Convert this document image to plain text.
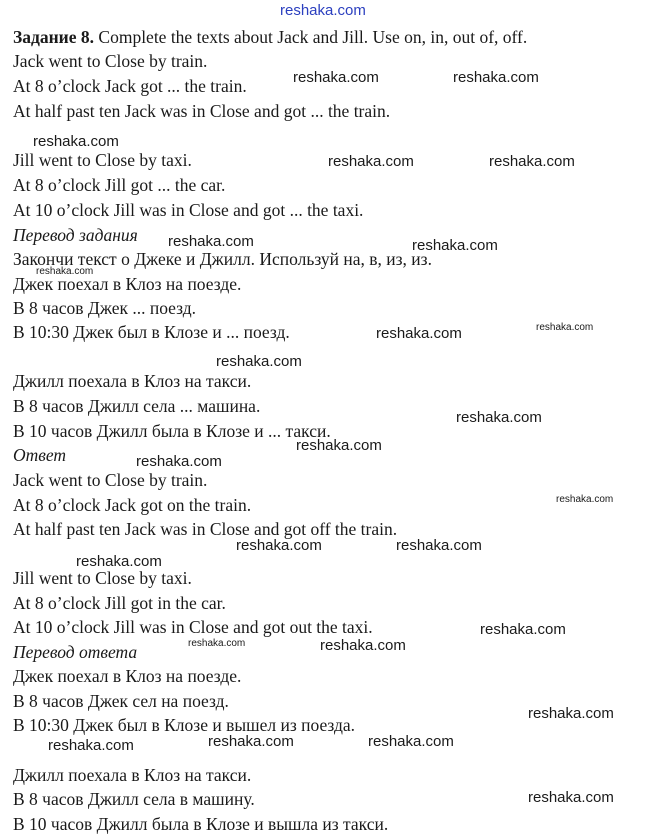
Задание 8. Complete the texts about Jack and Jill. Use on, in, out of, off.
Jack went to Close by train.
At 8 o’clock Jack got ... the train.
At half past ten Jack was in Close and got ... the train.
Jill went to Close by taxi.
At 8 o’clock Jill got ... the car.
At 10 o’clock Jill was in Close and got ... the taxi.
Перевод задания
Закончи текст о Джеке и Джилл. Используй на, в, из, из.
Джек поехал в Клоз на поезде.
В 8 часов Джек ... поезд.
В 10:30 Джек был в Клозе и ... поезд.
Джилл поехала в Клоз на такси.
В 8 часов Джилл села ... машина.
В 10 часов Джилл была в Клозе и ... такси.
Ответ
Jack went to Close by train.
At 8 o’clock Jack got on the train.
At half past ten Jack was in Close and got off the train.
Jill went to Close by taxi.
At 8 o’clock Jill got in the car.
At 10 o’clock Jill was in Close and got out the taxi.
Перевод ответа
Джек поехал в Клоз на поезде.
В 8 часов Джек сел на поезд.
В 10:30 Джек был в Клозе и вышел из поезда.
Джилл поехала в Клоз на такси.
В 8 часов Джилл села в машину.
В 10 часов Джилл была в Клозе и вышла из такси.
reshaka.com
reshaka.com	reshaka.com
reshaka.com
reshaka.com	reshaka.com
reshaka.com	reshaka.com
reshaka.com
reshaka.com	reshaka.com
reshaka.com
reshaka.com
reshaka.com
reshaka.com
reshaka.com
reshaka.com	reshaka.com
reshaka.com
reshaka.com
reshaka.com	reshaka.com
reshaka.com
reshaka.com	reshaka.com	reshaka.com
reshaka.com
